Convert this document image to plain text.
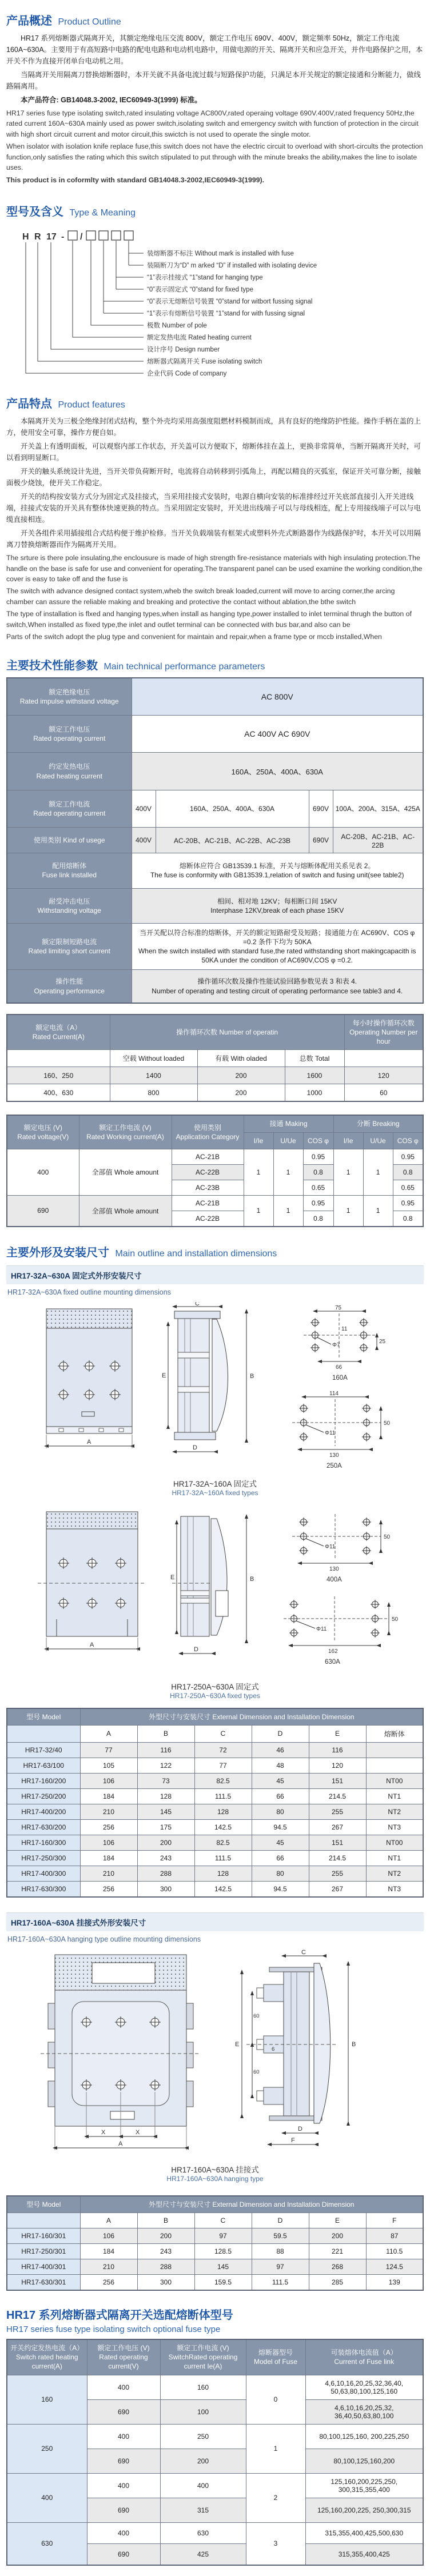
产品概述 Product Outline

HR17 系列熔断器式隔离开关，其额定绝缘电压交流 800V，额定工作电压 690V、400V，额定频率 50Hz，额定工作电流 160A~630A。主要用于有高短路中电路的配电电路和电动机电路中，用做电源的开关、隔离开关和应急开关，并作电路保护之用，本开关不作为直接开闭单台电动机之用。

当隔离开关用隔离刀替换熔断器时，本开关就不具备电流过载与短路保护功能，只满足本开关规定的额定接通和分断能力，做线路隔离用。

本产品符合: GB14048.3-2002, IEC60949-3(1999) 标准。

HR17 series fuse type isolating switch,rated insulating voltage AC800V,rated operaing voltage 690V.400V,rated frequency 50Hz,the rated current 160A~630A mainly used as power switch,isolating switch and emergency switch with function of protection in the circuit with high short circuit current and motor circuit,this swictch is not used to operate the single motor.

When isolator with isolation knife replace fuse,this switch does not have the electric circuit to overload with short-circults the protection function,only satisfies the rating which this switch stipulated to put through with the minute breaks the ability,makes the line to isolate uses.

This product is in coformlty with standard GB14048.3-2002,IEC60949-3(1999).

型号及含义 Type & Meaning
H R 17 - /
装熔断器不标注 Without mark is installed with fuse
装隔断刀为“D” m arked “D” if installed with isolating device
“1”表示挂接式 “1”stand for hanging type
“0”表示固定式 “0”stand for fixed type
“0”表示无熔断信号装置 “0”stand for witbort fussing signal
“1”表示有熔断信号装置 “1”stand for with fussing signal
极数 Number of pole
额定发热电流 Rated heating current
设计序号 Design number
熔断器式隔离开关 Fuse isolating switch
企业代码 Code of company
产品特点 Product features

本隔离开关为三极全绝缘封闭式结构，整个外壳均采用高强度阻燃材料模制而成，具有良好的绝缘防护性能。操作手柄在盖的上方，使用安全可靠，操作方便自如。

开关盖上有透明面板，可以观察内部工作状态，开关盖可以方便取下，熔断体挂在盖上，更换非常简单，当断开隔离开关时，可以看到明显断口。

开关的触头系统设计先进，当开关带负荷断开时，电流将自动转移到引弧角上，再配以精良的灭弧室，保证开关可靠分断，接触面极少烧蚀，使开关工作稳定。

开关的结构按安装方式分为固定式及挂接式，当采用挂接式安装时，电源自横向安装的标准排经过开关底部直接引入开关进线端，挂接式安装的开关具有整体快速更换的特点。当采用固定安装时，开关进出线端子可以与母线相连，配上专用接线端子可以与电缆直接相连。

开关各组件采用插接组合式结构便于维护检修。当开关负载端装有框架式或塑料外壳式断路器作为线路保护时，本开关可以用隔离刀替换熔断器而作为隔离开关用。

The srture is there pole insulating,the enclousure is made of high strength fire-resistance materials with high insulating protection.The handle on the base is safe for use and convenient for operating.The transparent panel can be used examine the working condition,the cover is easy to take off and the fuse is

The switch with advance designed contact system,wheb the switch break loaded,current will move to arcing corner,the arcing chamber can assure the reliable making and breaking and protective the contact without ablation,the bthe switch

The type of installation is flxed and hanging types,when install as hanging type,power installed to inlet terminal thrugh the button of switch,When installed as fixed type,the inlet and outlet terminal can be connected with bus bar,and also can be

Parts of the switch adopt the plug type and convenient for maintain and repair,when a frame type or mccb installed,When

主要技术性能参数 Main technical performance parameters
额定绝缘电压
Rated impulse withstand voltage	AC 800V			

额定工作电压
Rated operating current	AC 400V AC 690V			

约定发热电压
Rated heating current	160A、250A、400A、630A			

额定工作电流
Rated operating current	400V	160A、250A、400A、630A	690V	100A、200A、315A、425A

使用类别 Kind of usege	400V	AC-20B、AC-21B、AC-22B、AC-23B	690V	AC-20B、AC-21B、AC-22B

配用熔断体
Fuse link installed	熔断体应符合 GB13539.1 标准，开关与熔断体配用关系见表 2。
The fuse is conformity with GB13539.1,relation of switch and fusing unit(see table2)			

耐受冲击电压
Withstanding voltage	相间、相对地 12KV；每相断口间 15KV
Interphase 12KV,break of each phase 15KV			

额定限制短路电流
Rated limiting short current	当开关配以符合标准的熔断体，开关的额定短路耐受及短路；接通能力在 AC690V、COS φ =0.2 条件下均为 50KA
When the switch installed with standard fuse,the rated withstanding short makingcapacith is 50KA under the condition of AC690V,COS φ =0.2.			

操作性能
Operating performance	操作循环次数及操作性能试验回路参数见表 3 和表 4.
Number of operating and testing circuit of operating performance see table3 and 4.			
额定电流（A）
Rated Current(A)	操作循环次数 Number of operatin			每小时操作循环次数
Operating Number per hour

	空载 Without loaded	有载 With oladed	总数 Total	
160、250	1400	200	1600	120
400、630	800	200	1000	60
额定电压 (V)
Rated voltage(V)	额定工作电流 (V)
Rated Working current(A)	使用类别
Application Category	接通 Making			分断 Breaking		
			I/Ie	U/Ue	COS φ	I/Ie	U/Ue	COS φ
400	全部值 Whole amount	AC-21B	1	1	0.95	1	1	0.95
		AC-22B			0.8			0.8
		AC-23B			0.65			0.65
690	全部值 Whole amount	AC-21B	1	1	0.95	1	1	0.95
		AC-22B			0.8			0.8
主要外形及安装尺寸 Main outline and installation dimensions
HR17-32A~630A 固定式外形安装尺寸
HR17-32A~630A fixed outline mounting dimensions
A
C
E	B
D
75
11
Φ7
25
66
160A
114
Φ11
50
130
250A
HR17-32A~160A 固定式
HR17-32A~160A fixed types
A
E	B
D
Φ11
50
130
400A
Φ11
50
162
630A
HR17-250A~630A 固定式
HR17-250A~630A fixed types
型号 Model	外型尺寸与安装尺寸 External Dimension and Installation Dimension					
	A	B	C	D	E	熔断体
HR17-32/40	77	116	72	46	116	
HR17-63/100	105	122	77	48	120	
HR17-160/200	106	73	82.5	45	151	NT00
HR17-250/200	184	128	111.5	66	214.5	NT1
HR17-400/200	210	145	128	80	255	NT2
HR17-630/200	256	175	142.5	94.5	267	NT3
HR17-160/300	106	200	82.5	45	151	NT00
HR17-250/300	184	243	111.5	66	214.5	NT1
HR17-400/300	210	288	128	80	255	NT2
HR17-630/300	256	300	142.5	94.5	267	NT3
HR17-160A~630A 挂接式外形安装尺寸
HR17-160A~630A hanging type outline mounting dimensions
X	X
A
C
E
60
60
6
B
D
F
HR17-160A~630A 挂接式
HR17-160A~630A hanging type
型号 Model	外型尺寸与安装尺寸 External Dimension and Installation Dimension					
	A	B	C	D	E	F
HR17-160/301	106	200	97	59.5	200	87
HR17-250/301	184	243	128.5	88	221	110.5
HR17-400/301	210	288	145	97	268	124.5
HR17-630/301	256	300	159.5	111.5	285	139
HR17 系列熔断器式隔离开关选配熔断体型号
HR17 series fuse type isolating switch optional fuse type
开关约定发热电流（A）
Switch rated heating current(A)	额定工作电压 (V)
Rated operating current(V)	额定工作电流 (V)
SwitchRated operating current Ie(A)	熔断器型号
Model of Fuse	可装熔体电流值（A）
Current of Fuse link

160	400	160	0	4,6,10,16,20,25,32,36,40, 50,63,80,100,125,160
	690	100		4,6,10,16,20,25,32, 36,40,50,63,80,100
250	400	250	1	80,100,125,160, 200,225,250
	690	200		80,100,125,160,200
400	400	400	2	125,160,200,225,250, 300,315,355,400
	690	315		125,160,200,225, 250,300,315
630	400	630	3	315,355,400,425,500,630
	690	425		315,355,400,425
